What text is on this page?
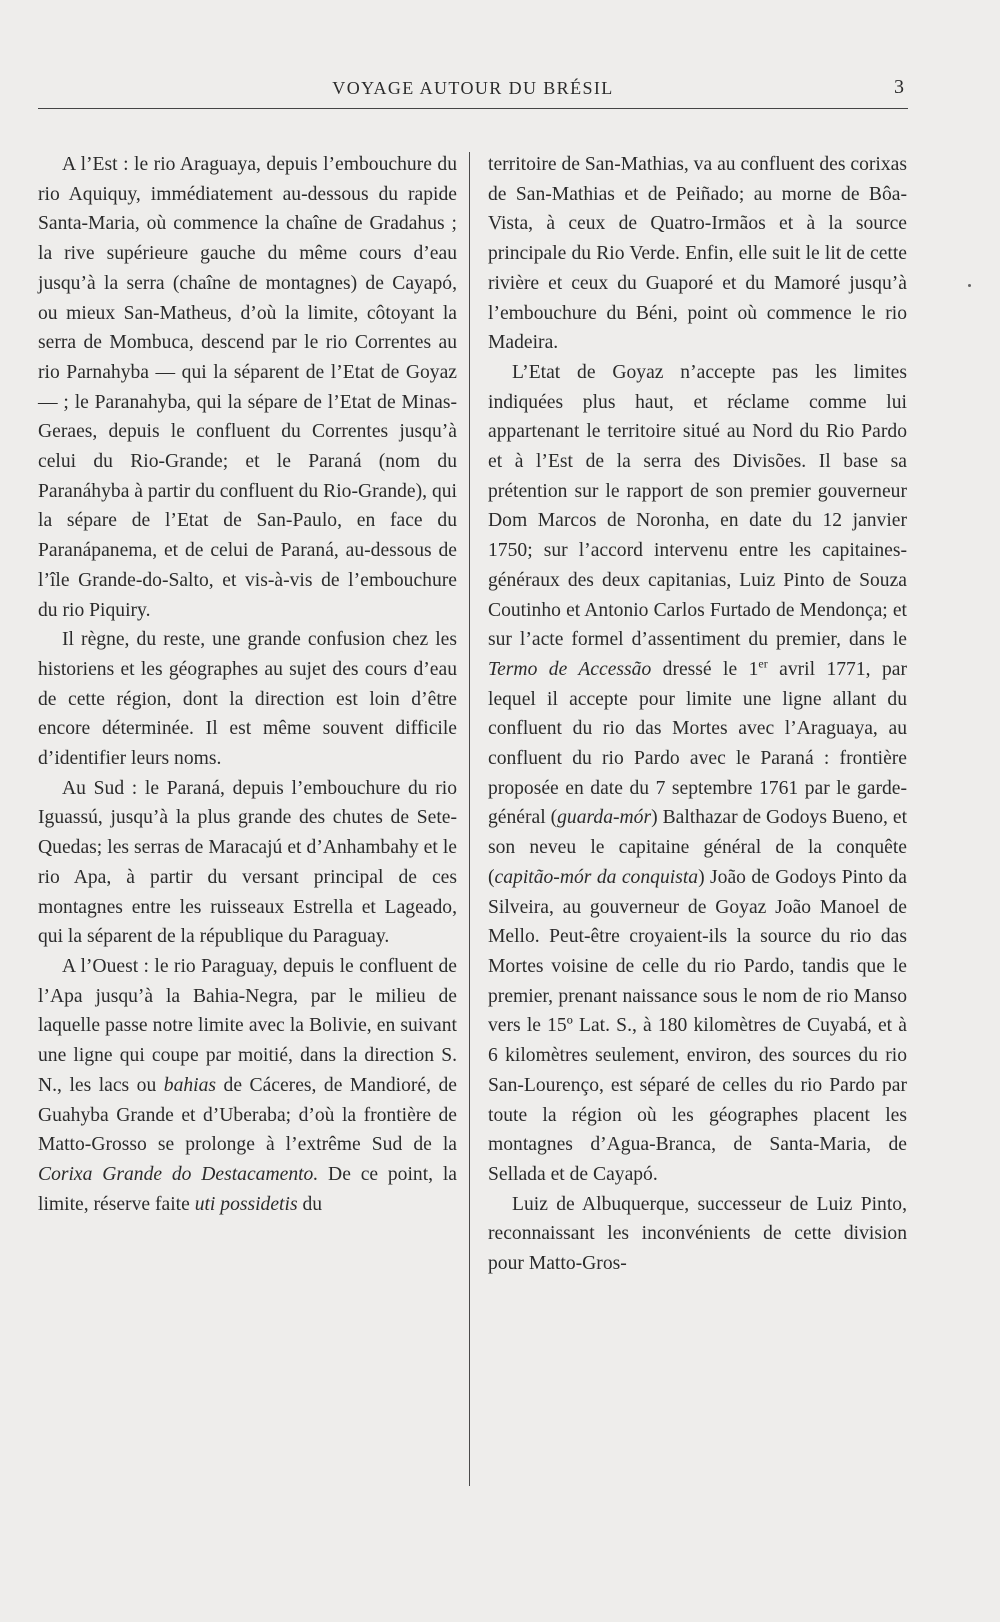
VOYAGE AUTOUR DU BRÉSIL	3

A l’Est : le rio Araguaya, depuis l’embouchure du rio Aquiquy, immédiatement au-dessous du rapide Santa-Maria, où commence la chaîne de Gradahus ; la rive supérieure gauche du même cours d’eau jusqu’à la serra (chaîne de montagnes) de Cayapó, ou mieux San-Matheus, d’où la limite, côtoyant la serra de Mombuca, descend par le rio Correntes au rio Parnahyba — qui la séparent de l’Etat de Goyaz — ; le Paranahyba, qui la sépare de l’Etat de Minas-Geraes, depuis le confluent du Correntes jusqu’à celui du Rio-Grande; et le Paraná (nom du Paranáhyba à partir du confluent du Rio-Grande), qui la sépare de l’Etat de San-Paulo, en face du Paranápanema, et de celui de Paraná, au-dessous de l’île Grande-do-Salto, et vis-à-vis de l’embouchure du rio Piquiry.

Il règne, du reste, une grande confusion chez les historiens et les géographes au sujet des cours d’eau de cette région, dont la direction est loin d’être encore déterminée. Il est même souvent difficile d’identifier leurs noms.

Au Sud : le Paraná, depuis l’embouchure du rio Iguassú, jusqu’à la plus grande des chutes de Sete-Quedas; les serras de Maracajú et d’Anhambahy et le rio Apa, à partir du versant principal de ces montagnes entre les ruisseaux Estrella et Lageado, qui la séparent de la république du Paraguay.

A l’Ouest : le rio Paraguay, depuis le confluent de l’Apa jusqu’à la Bahia-Negra, par le milieu de laquelle passe notre limite avec la Bolivie, en suivant une ligne qui coupe par moitié, dans la direction S. N., les lacs ou bahias de Cáceres, de Mandioré, de Guahyba Grande et d’Uberaba; d’où la frontière de Matto-Grosso se prolonge à l’extrême Sud de la Corixa Grande do Destacamento. De ce point, la limite, réserve faite uti possidetis du

territoire de San-Mathias, va au confluent des corixas de San-Mathias et de Peiñado; au morne de Bôa-Vista, à ceux de Quatro-Irmãos et à la source principale du Rio Verde. Enfin, elle suit le lit de cette rivière et ceux du Guaporé et du Mamoré jusqu’à l’embouchure du Béni, point où commence le rio Madeira.

L’Etat de Goyaz n’accepte pas les limites indiquées plus haut, et réclame comme lui appartenant le territoire situé au Nord du Rio Pardo et à l’Est de la serra des Divisões. Il base sa prétention sur le rapport de son premier gouverneur Dom Marcos de Noronha, en date du 12 janvier 1750; sur l’accord intervenu entre les capitaines-généraux des deux capitanias, Luiz Pinto de Souza Coutinho et Antonio Carlos Furtado de Mendonça; et sur l’acte formel d’assentiment du premier, dans le Termo de Accessão dressé le 1er avril 1771, par lequel il accepte pour limite une ligne allant du confluent du rio das Mortes avec l’Araguaya, au confluent du rio Pardo avec le Paraná : frontière proposée en date du 7 septembre 1761 par le garde-général (guarda-mór) Balthazar de Godoys Bueno, et son neveu le capitaine général de la conquête (capitão-mór da conquista) João de Godoys Pinto da Silveira, au gouverneur de Goyaz João Manoel de Mello. Peut-être croyaient-ils la source du rio das Mortes voisine de celle du rio Pardo, tandis que le premier, prenant naissance sous le nom de rio Manso vers le 15º Lat. S., à 180 kilomètres de Cuyabá, et à 6 kilomètres seulement, environ, des sources du rio San-Lourenço, est séparé de celles du rio Pardo par toute la région où les géographes placent les montagnes d’Agua-Branca, de Santa-Maria, de Sellada et de Cayapó.

Luiz de Albuquerque, successeur de Luiz Pinto, reconnaissant les inconvénients de cette division pour Matto-Gros-
